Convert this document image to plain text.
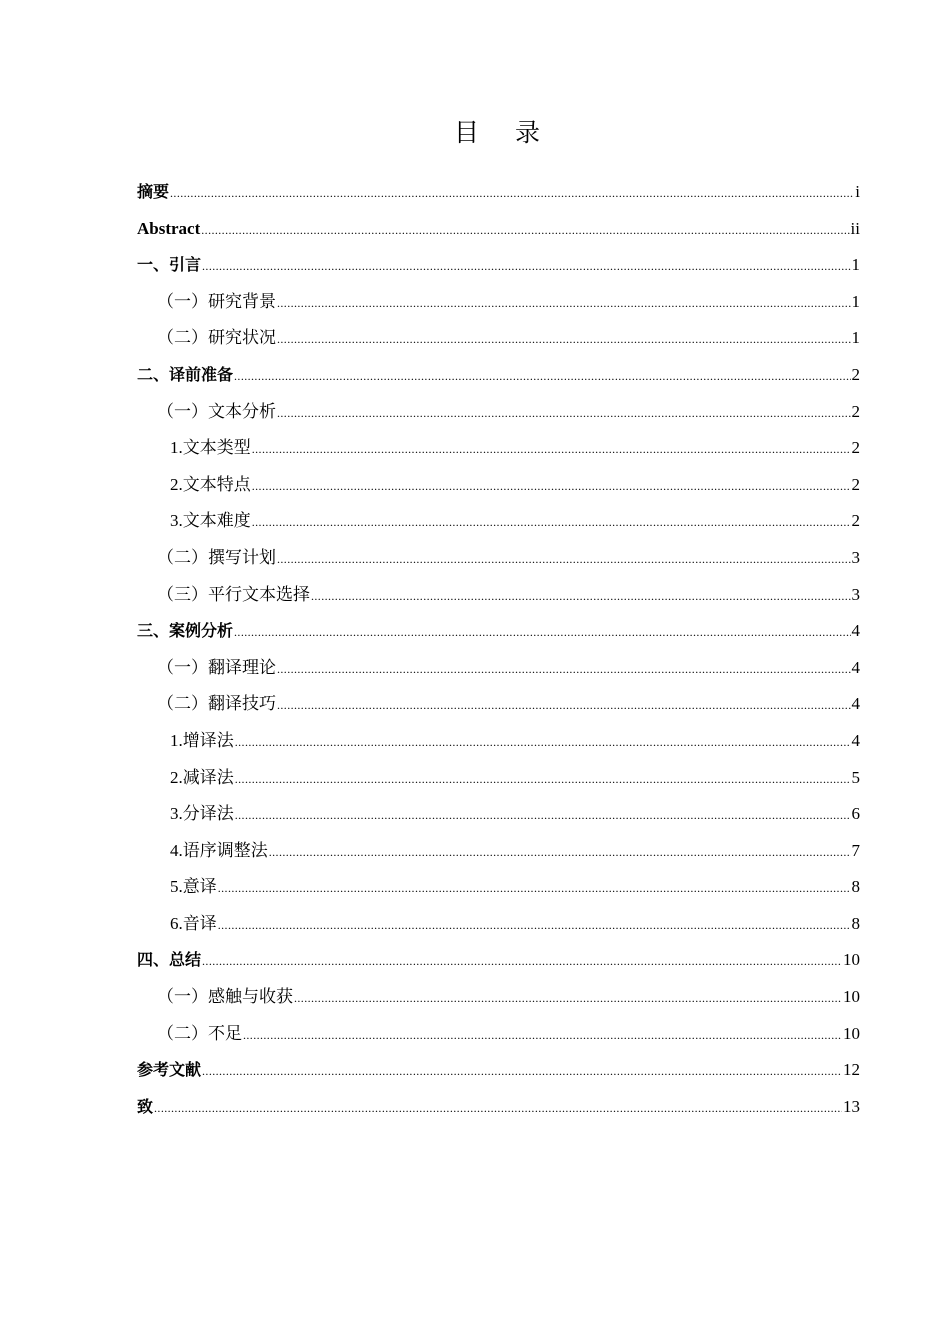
目 录
摘要 .....	i
Abstract .....	ii
一、引言 .....	1
（一）研究背景 .....	1
（二）研究状况 .....	1
二、译前准备 .....	2
（一）文本分析 .....	2
1.文本类型 .....	2
2.文本特点 .....	2
3.文本难度 .....	2
（二）撰写计划 .....	3
（三）平行文本选择 .....	3
三、案例分析 .....	4
（一）翻译理论 .....	4
（二）翻译技巧 .....	4
1.增译法 .....	4
2.减译法 .....	5
3.分译法 .....	6
4.语序调整法 .....	7
5.意译 .....	8
6.音译 .....	8
四、总结 .....	10
（一）感触与收获 .....	10
（二）不足 .....	10
参考文献 .....	12
致 .....	13
